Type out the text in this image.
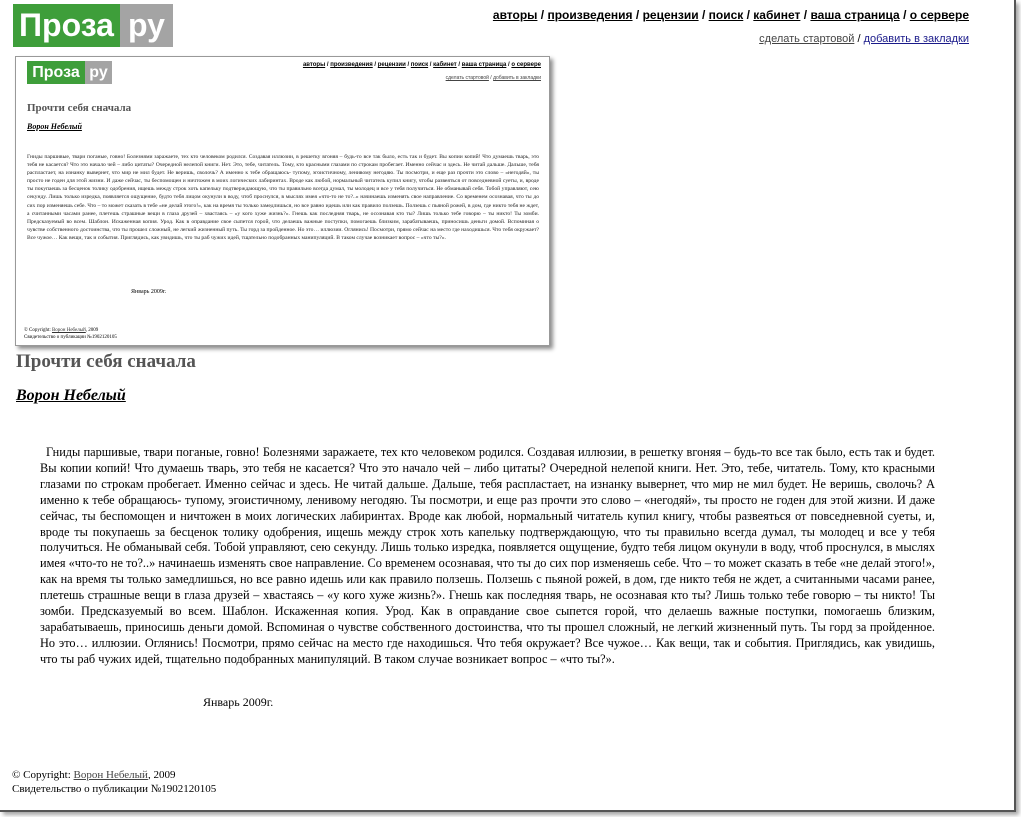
Проза ру	авторы / произведения / рецензии / поиск / кабинет / ваша страница / о сервере
сделать стартовой / добавить в закладки
Проза ру	авторы / произведения / рецензии / поиск / кабинет / ваша страница / о сервере
сделать стартовой / добавить в закладки
Прочти себя сначала
Ворон Небелый
Гниды паршивые, твари поганые, говно! Болезнями заражаете, тех кто человеком родился. Создавая иллюзии, в решетку вгоняя – будь-то все так было, есть так и будет. Вы копии копий! Что думаешь тварь, это тебя не касается? Что это начало чей – либо цитаты? Очередной нелепой книги. Нет. Это, тебе, читатель. Тому, кто красными глазами по строкам пробегает. Именно сейчас и здесь. Не читай дальше. Дальше, тебя распластает, на изнанку вывернет, что мир не мил будет. Не веришь, сволочь? А именно к тебе обращаюсь- тупому, эгоистичному, ленивому негодяю. Ты посмотри, и еще раз прочти это слово – «негодяй», ты просто не годен для этой жизни. И даже сейчас, ты беспомощен и ничтожен в моих логических лабиринтах. Вроде как любой, нормальный читатель купил книгу, чтобы развеяться от повседневной суеты, и, вроде ты покупаешь за бесценок толику одобрения, ищешь между строк хоть капельку подтверждающую, что ты правильно всегда думал, ты молодец и все у тебя получиться. Не обманывай себя. Тобой управляют, сею секунду. Лишь только изредка, появляется ощущение, будто тебя лицом окунули в воду, чтоб проснулся, в мыслях имея «что-то не то?..» начинаешь изменять свое направление. Со временем осознавая, что ты до сих пор изменяешь себе. Что – то может сказать в тебе «не делай этого!», как на время ты только замедлишься, но все равно идешь или как правило ползешь. Ползешь с пьяной рожей, в дом, где никто тебя не ждет, а считанными часами ранее, плетешь страшные вещи в глаза друзей – хвастаясь – «у кого хуже жизнь?». Гнешь как последняя тварь, не осознавая кто ты? Лишь только тебе говорю – ты никто! Ты зомби. Предсказуемый во всем. Шаблон. Искаженная копия. Урод. Как в оправдание свое сыпется горой, что делаешь важные поступки, помогаешь близким, зарабатываешь, приносишь деньги домой. Вспоминая о чувстве собственного достоинства, что ты прошел сложный, не легкий жизненный путь. Ты горд за пройденное. Но это… иллюзии. Оглянись! Посмотри, прямо сейчас на место где находишься. Что тебя окружает? Все чужое… Как вещи, так и события. Приглядись, как увидишь, что ты раб чужих идей, тщательно подобранных манипуляций. В таком случае возникает вопрос – «что ты?».
Январь 2009г.
© Copyright: Ворон Небелый, 2009
Свидетельство о публикации №1902120105
Прочти себя сначала
Ворон Небелый

Гниды паршивые, твари поганые, говно! Болезнями заражаете, тех кто человеком родился. Создавая иллюзии, в решетку вгоняя – будь-то все так было, есть так и будет. Вы копии копий! Что думаешь тварь, это тебя не касается? Что это начало чей – либо цитаты? Очередной нелепой книги. Нет. Это, тебе, читатель. Тому, кто красными глазами по строкам пробегает. Именно сейчас и здесь. Не читай дальше. Дальше, тебя распластает, на изнанку вывернет, что мир не мил будет. Не веришь, сволочь? А именно к тебе обращаюсь- тупому, эгоистичному, ленивому негодяю. Ты посмотри, и еще раз прочти это слово – «негодяй», ты просто не годен для этой жизни. И даже сейчас, ты беспомощен и ничтожен в моих логических лабиринтах. Вроде как любой, нормальный читатель купил книгу, чтобы развеяться от повседневной суеты, и, вроде ты покупаешь за бесценок толику одобрения, ищешь между строк хоть капельку подтверждающую, что ты правильно всегда думал, ты молодец и все у тебя получиться. Не обманывай себя. Тобой управляют, сею секунду. Лишь только изредка, появляется ощущение, будто тебя лицом окунули в воду, чтоб проснулся, в мыслях имея «что-то не то?..» начинаешь изменять свое направление. Со временем осознавая, что ты до сих пор изменяешь себе. Что – то может сказать в тебе «не делай этого!», как на время ты только замедлишься, но все равно идешь или как правило ползешь. Ползешь с пьяной рожей, в дом, где никто тебя не ждет, а считанными часами ранее, плетешь страшные вещи в глаза друзей – хвастаясь – «у кого хуже жизнь?». Гнешь как последняя тварь, не осознавая кто ты? Лишь только тебе говорю – ты никто! Ты зомби. Предсказуемый во всем. Шаблон. Искаженная копия. Урод. Как в оправдание свое сыпется горой, что делаешь важные поступки, помогаешь близким, зарабатываешь, приносишь деньги домой. Вспоминая о чувстве собственного достоинства, что ты прошел сложный, не легкий жизненный путь. Ты горд за пройденное. Но это… иллюзии. Оглянись! Посмотри, прямо сейчас на место где находишься. Что тебя окружает? Все чужое… Как вещи, так и события. Приглядись, как увидишь, что ты раб чужих идей, тщательно подобранных манипуляций. В таком случае возникает вопрос – «что ты?».

Январь 2009г.
© Copyright: Ворон Небелый, 2009
Свидетельство о публикации №1902120105
